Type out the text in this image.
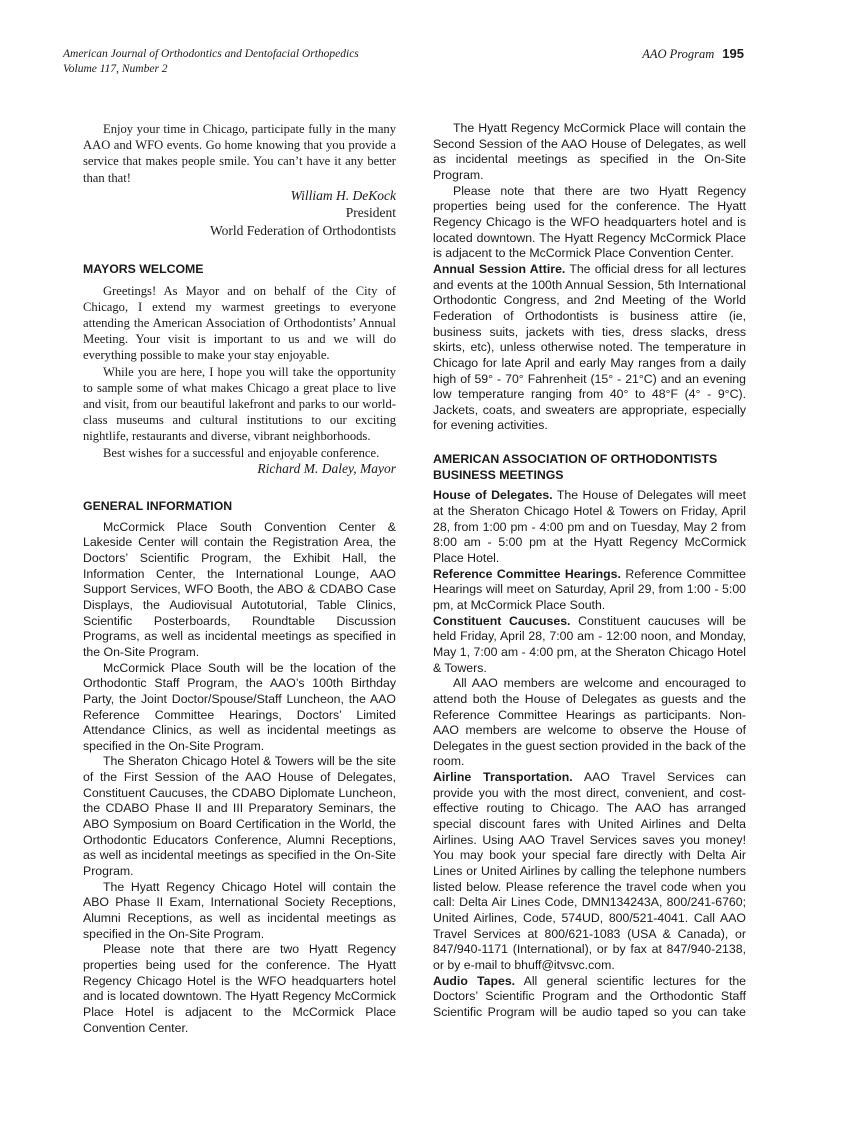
American Journal of Orthodontics and Dentofacial Orthopedics
Volume 117, Number 2
AAO Program 195

Enjoy your time in Chicago, participate fully in the many AAO and WFO events. Go home knowing that you provide a service that makes people smile. You can’t have it any better than that!

William H. DeKock

President

World Federation of Orthodontists

MAYORS WELCOME

Greetings! As Mayor and on behalf of the City of Chicago, I extend my warmest greetings to everyone attending the American Association of Orthodontists’ Annual Meeting. Your visit is important to us and we will do everything possible to make your stay enjoyable.

While you are here, I hope you will take the opportunity to sample some of what makes Chicago a great place to live and visit, from our beautiful lakefront and parks to our world-class museums and cultural institutions to our exciting nightlife, restaurants and diverse, vibrant neighborhoods.

Best wishes for a successful and enjoyable conference.

Richard M. Daley, Mayor

GENERAL INFORMATION

McCormick Place South Convention Center & Lakeside Center will contain the Registration Area, the Doctors’ Scientific Program, the Exhibit Hall, the Information Center, the International Lounge, AAO Support Services, WFO Booth, the ABO & CDABO Case Displays, the Audiovisual Autotutorial, Table Clinics, Scientific Posterboards, Roundtable Discussion Programs, as well as incidental meetings as specified in the On-Site Program.

McCormick Place South will be the location of the Orthodontic Staff Program, the AAO’s 100th Birthday Party, the Joint Doctor/Spouse/Staff Luncheon, the AAO Reference Committee Hearings, Doctors’ Limited Attendance Clinics, as well as incidental meetings as specified in the On-Site Program.

The Sheraton Chicago Hotel & Towers will be the site of the First Session of the AAO House of Delegates, Constituent Caucuses, the CDABO Diplomate Luncheon, the CDABO Phase II and III Preparatory Seminars, the ABO Symposium on Board Certification in the World, the Orthodontic Educators Conference, Alumni Receptions, as well as incidental meetings as specified in the On-Site Program.

The Hyatt Regency Chicago Hotel will contain the ABO Phase II Exam, International Society Receptions, Alumni Receptions, as well as incidental meetings as specified in the On-Site Program.

Please note that there are two Hyatt Regency properties being used for the conference. The Hyatt Regency Chicago Hotel is the WFO headquarters hotel and is located downtown. The Hyatt Regency McCormick Place Hotel is adjacent to the McCormick Place Convention Center.

The Hyatt Regency McCormick Place will contain the Second Session of the AAO House of Delegates, as well as incidental meetings as specified in the On-Site Program.

Please note that there are two Hyatt Regency properties being used for the conference. The Hyatt Regency Chicago is the WFO headquarters hotel and is located downtown. The Hyatt Regency McCormick Place is adjacent to the McCormick Place Convention Center.

Annual Session Attire. The official dress for all lectures and events at the 100th Annual Session, 5th International Orthodontic Congress, and 2nd Meeting of the World Federation of Orthodontists is business attire (ie, business suits, jackets with ties, dress slacks, dress skirts, etc), unless otherwise noted. The temperature in Chicago for late April and early May ranges from a daily high of 59° - 70° Fahrenheit (15° - 21°C) and an evening low temperature ranging from 40° to 48°F (4° - 9°C). Jackets, coats, and sweaters are appropriate, especially for evening activities.

AMERICAN ASSOCIATION OF ORTHODONTISTS BUSINESS MEETINGS

House of Delegates. The House of Delegates will meet at the Sheraton Chicago Hotel & Towers on Friday, April 28, from 1:00 pm - 4:00 pm and on Tuesday, May 2 from 8:00 am - 5:00 pm at the Hyatt Regency McCormick Place Hotel.

Reference Committee Hearings. Reference Committee Hearings will meet on Saturday, April 29, from 1:00 - 5:00 pm, at McCormick Place South.

Constituent Caucuses. Constituent caucuses will be held Friday, April 28, 7:00 am - 12:00 noon, and Monday, May 1, 7:00 am - 4:00 pm, at the Sheraton Chicago Hotel & Towers.

All AAO members are welcome and encouraged to attend both the House of Delegates as guests and the Reference Committee Hearings as participants. Non-AAO members are welcome to observe the House of Delegates in the guest section provided in the back of the room.

Airline Transportation. AAO Travel Services can provide you with the most direct, convenient, and cost-effective routing to Chicago. The AAO has arranged special discount fares with United Airlines and Delta Airlines. Using AAO Travel Services saves you money! You may book your special fare directly with Delta Air Lines or United Airlines by calling the telephone numbers listed below. Please reference the travel code when you call: Delta Air Lines Code, DMN134243A, 800/241-6760; United Airlines, Code, 574UD, 800/521-4041. Call AAO Travel Services at 800/621-1083 (USA & Canada), or 847/940-1171 (International), or by fax at 847/940-2138, or by e-mail to bhuff@itvsvc.com.

Audio Tapes. All general scientific lectures for the Doctors’ Scientific Program and the Orthodontic Staff Scientific Program will be audio taped so you can take
